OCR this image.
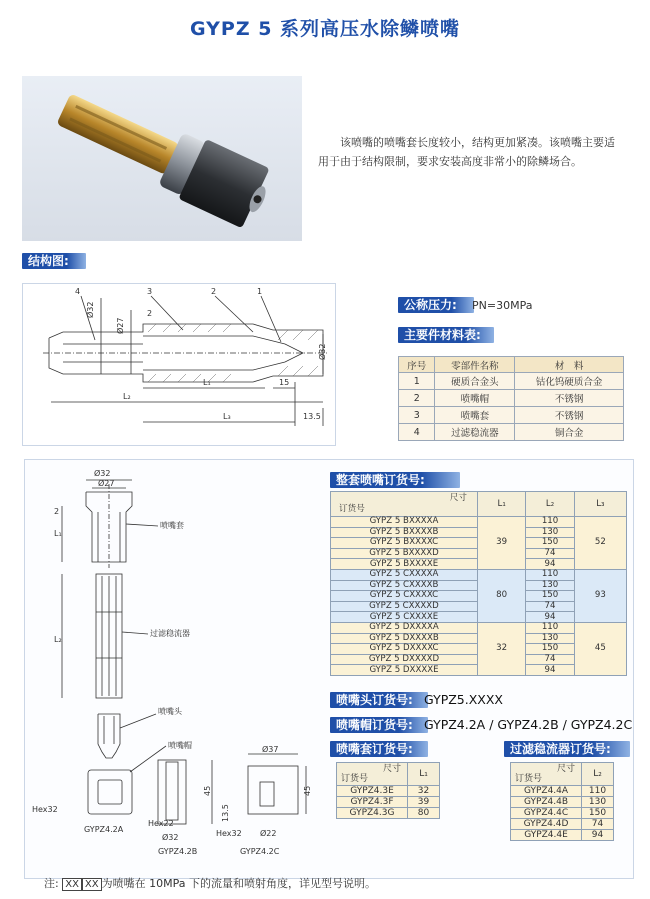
GYPZ 5 系列高压水除鳞喷嘴
该喷嘴的喷嘴套长度较小，结构更加紧凑。该喷嘴主要适用于由于结构限制，要求安装高度非常小的除鳞场合。
结构图:
4	3	2	1
Ø32
Ø27
2
Ø32
L₁	15
L₂
L₃	13.5
公称压力:	PN=30MPa
主要件材料表:
序号	零部件名称	材　料
1	硬质合金头	钴化钨硬质合金
2	喷嘴帽	不锈钢
3	喷嘴套	不锈钢
4	过滤稳流器	铜合金
Ø32
Ø27
2
L₁
L₂
喷嘴套
过滤稳流器
喷嘴头
喷嘴帽
Hex32
GYPZ4.2A
Ø37
45
Hex22
Ø32
GYPZ4.2B
13.5
Hex32 Ø22
45
GYPZ4.2C
整套喷嘴订货号:
尺寸
订货号	L₁	L₂	L₃
GYPZ 5 BXXXXA	39	110	52
GYPZ 5 BXXXXB		130	
GYPZ 5 BXXXXC		150	
GYPZ 5 BXXXXD		74	
GYPZ 5 BXXXXE		94	
GYPZ 5 CXXXXA	80	110	93
GYPZ 5 CXXXXB		130	
GYPZ 5 CXXXXC		150	
GYPZ 5 CXXXXD		74	
GYPZ 5 CXXXXE		94	
GYPZ 5 DXXXXA	32	110	45
GYPZ 5 DXXXXB		130	
GYPZ 5 DXXXXC		150	
GYPZ 5 DXXXXD		74	
GYPZ 5 DXXXXE		94	
喷嘴头订货号: GYPZ5.XXXX
喷嘴帽订货号: GYPZ4.2A / GYPZ4.2B / GYPZ4.2C
喷嘴套订货号:
尺寸
订货号	L₁
GYPZ4.3E	32
GYPZ4.3F	39
GYPZ4.3G	80
过滤稳流器订货号:
尺寸
订货号	L₂
GYPZ4.4A	110
GYPZ4.4B	130
GYPZ4.4C	150
GYPZ4.4D	74
GYPZ4.4E	94
注: XX XX 为喷嘴在 10MPa 下的流量和喷射角度，详见型号说明。
